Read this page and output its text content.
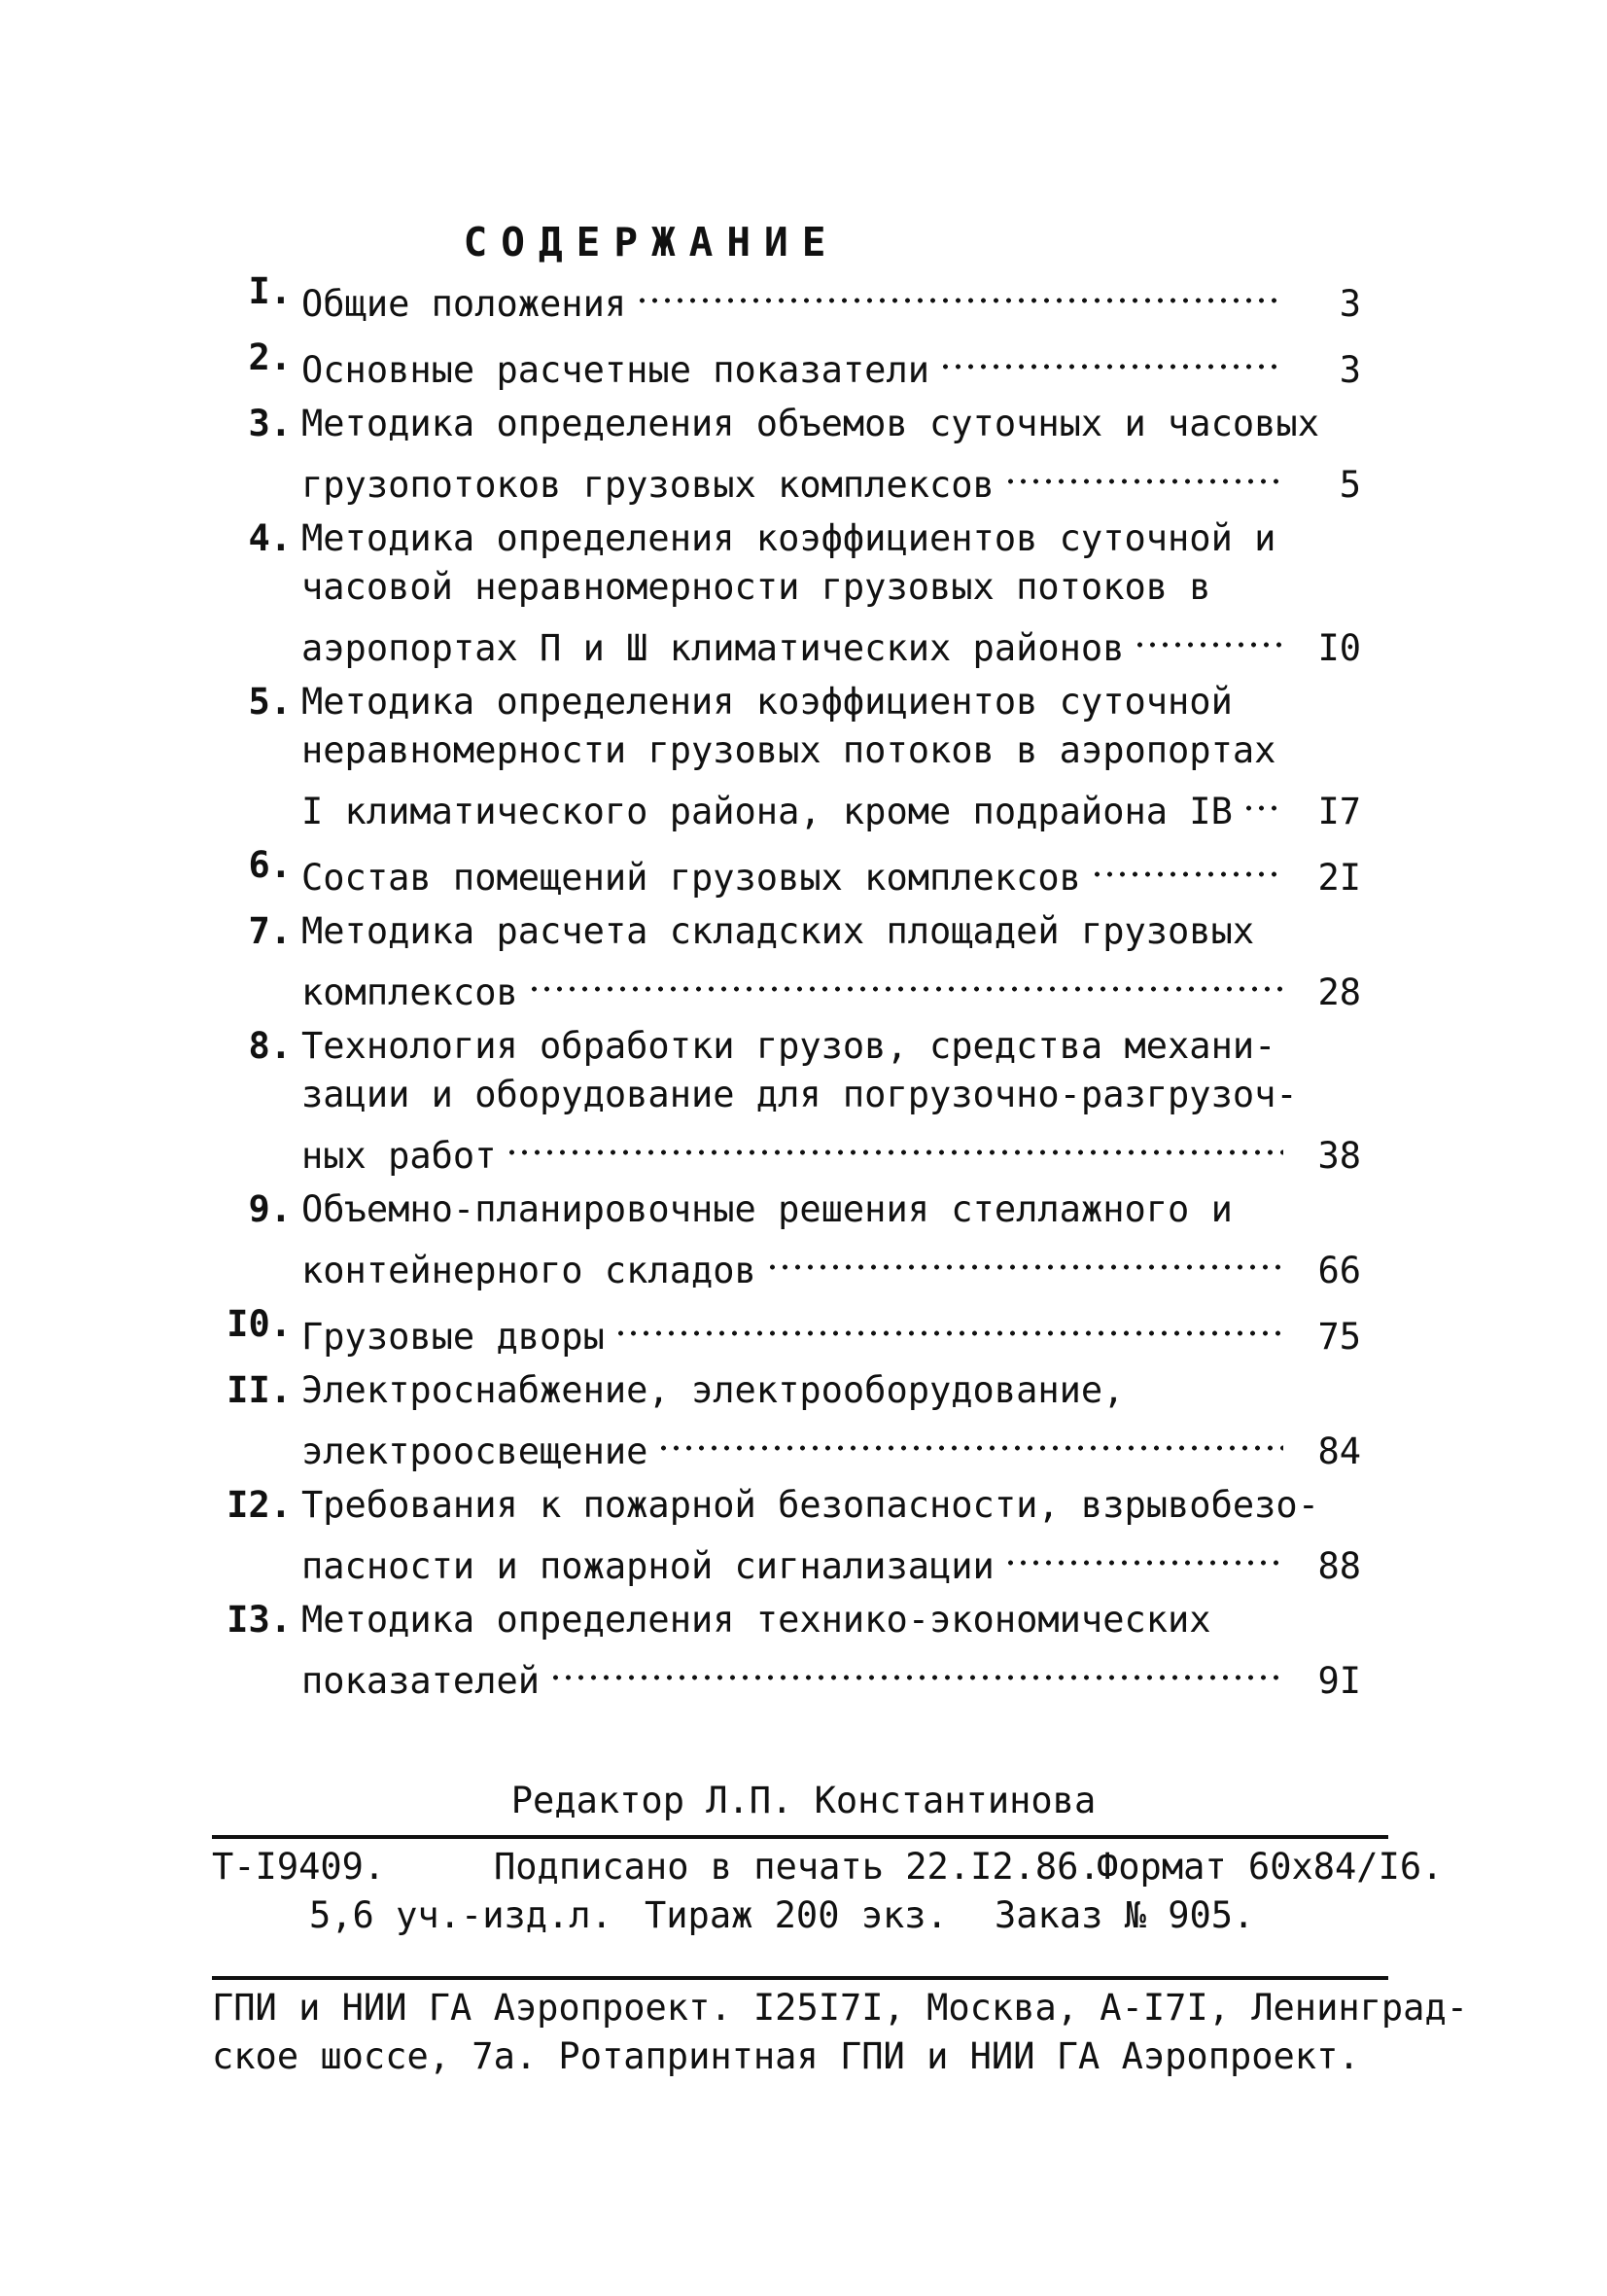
СОДЕРЖАНИЕ
I. Общие положения	3
2. Основные расчетные показатели	3
3. Методика определения объемов суточных и часовых
грузопотоков грузовых комплексов	5
4. Методика определения коэффициентов суточной и
часовой неравномерности грузовых потоков в
аэропортах П и Ш климатических районов	I0
5. Методика определения коэффициентов суточной
неравномерности грузовых потоков в аэропортах
I климатического района, кроме подрайона IB	I7
6. Состав помещений грузовых комплексов	2I
7. Методика расчета складских площадей грузовых
комплексов	28
8. Технология обработки грузов, средства механи-
зации и оборудование для погрузочно-разгрузоч-
ных работ	38
9. Объемно-планировочные решения стеллажного и
контейнерного складов	66
I0. Грузовые дворы	75
II. Электроснабжение, электрооборудование,
электроосвещение	84
I2. Требования к пожарной безопасности, взрывобезо-
пасности и пожарной сигнализации	88
I3. Методика определения технико-экономических
показателей	9I
Редактор Л.П. Константинова
Т-I9409.	Подписано в печать 22.I2.86.Формат 60x84/I6.
5,6 уч.-изд.л. Тираж 200 экз. Заказ № 905.
ГПИ и НИИ ГА Аэропроект. I25I7I, Москва, А-I7I, Ленинград-
ское шоссе, 7а. Ротапринтная ГПИ и НИИ ГА Аэропроект.
